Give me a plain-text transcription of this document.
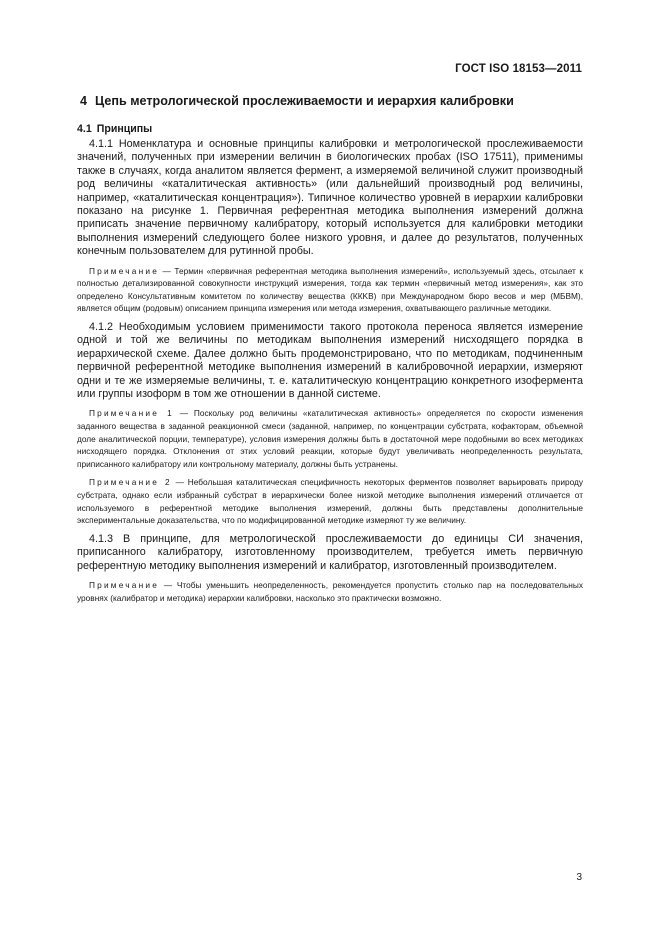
ГОСТ ISO 18153—2011
4 Цепь метрологической прослеживаемости и иерархия калибровки
4.1 Принципы

4.1.1 Номенклатура и основные принципы калибровки и метрологической прослеживаемости значений, полученных при измерении величин в биологических пробах (ISO 17511), применимы также в случаях, когда аналитом является фермент, а измеряемой величиной служит производный род величины «каталитическая активность» (или дальнейший производный род величины, например, «каталитическая концентрация»). Типичное количество уровней в иерархии калибровки показано на рисунке 1. Первичная референтная методика выполнения измерений должна приписать значение первичному калибратору, который используется для калибровки методики выполнения измерений следующего более низкого уровня, и далее до результатов, полученных конечным пользователем для рутинной пробы.

Примечание — Термин «первичная референтная методика выполнения измерений», используемый здесь, отсылает к полностью детализированной совокупности инструкций измерения, тогда как термин «первичный метод измерения», как это определено Консультативным комитетом по количеству вещества (ККKB) при Международном бюро весов и мер (МБВМ), является общим (родовым) описанием принципа измерения или метода измерения, охватывающего различные методики.

4.1.2 Необходимым условием применимости такого протокола переноса является измерение одной и той же величины по методикам выполнения измерений нисходящего порядка в иерархической схеме. Далее должно быть продемонстрировано, что по методикам, подчиненным первичной референтной методике выполнения измерений в калибровочной иерархии, измеряют одни и те же измеряемые величины, т. е. каталитическую концентрацию конкретного изофермента или группы изоформ в том же отношении в данной системе.

Примечание 1 — Поскольку род величины «каталитическая активность» определяется по скорости изменения заданного вещества в заданной реакционной смеси (заданной, например, по концентрации субстрата, кофакторам, объемной доле аналитической порции, температуре), условия измерения должны быть в достаточной мере подобными во всех методиках нисходящего порядка. Отклонения от этих условий реакции, которые будут увеличивать неопределенность результата, приписанного калибратору или контрольному материалу, должны быть устранены.

Примечание 2 — Небольшая каталитическая специфичность некоторых ферментов позволяет варьировать природу субстрата, однако если избранный субстрат в иерархически более низкой методике выполнения измерений отличается от используемого в референтной методике выполнения измерений, должны быть представлены дополнительные экспериментальные доказательства, что по модифицированной методике измеряют ту же величину.

4.1.3 В принципе, для метрологической прослеживаемости до единицы СИ значения, приписанного калибратору, изготовленному производителем, требуется иметь первичную референтную методику выполнения измерений и калибратор, изготовленный производителем.

Примечание — Чтобы уменьшить неопределенность, рекомендуется пропустить столько пар на последовательных уровнях (калибратор и методика) иерархии калибровки, насколько это практически возможно.

3
